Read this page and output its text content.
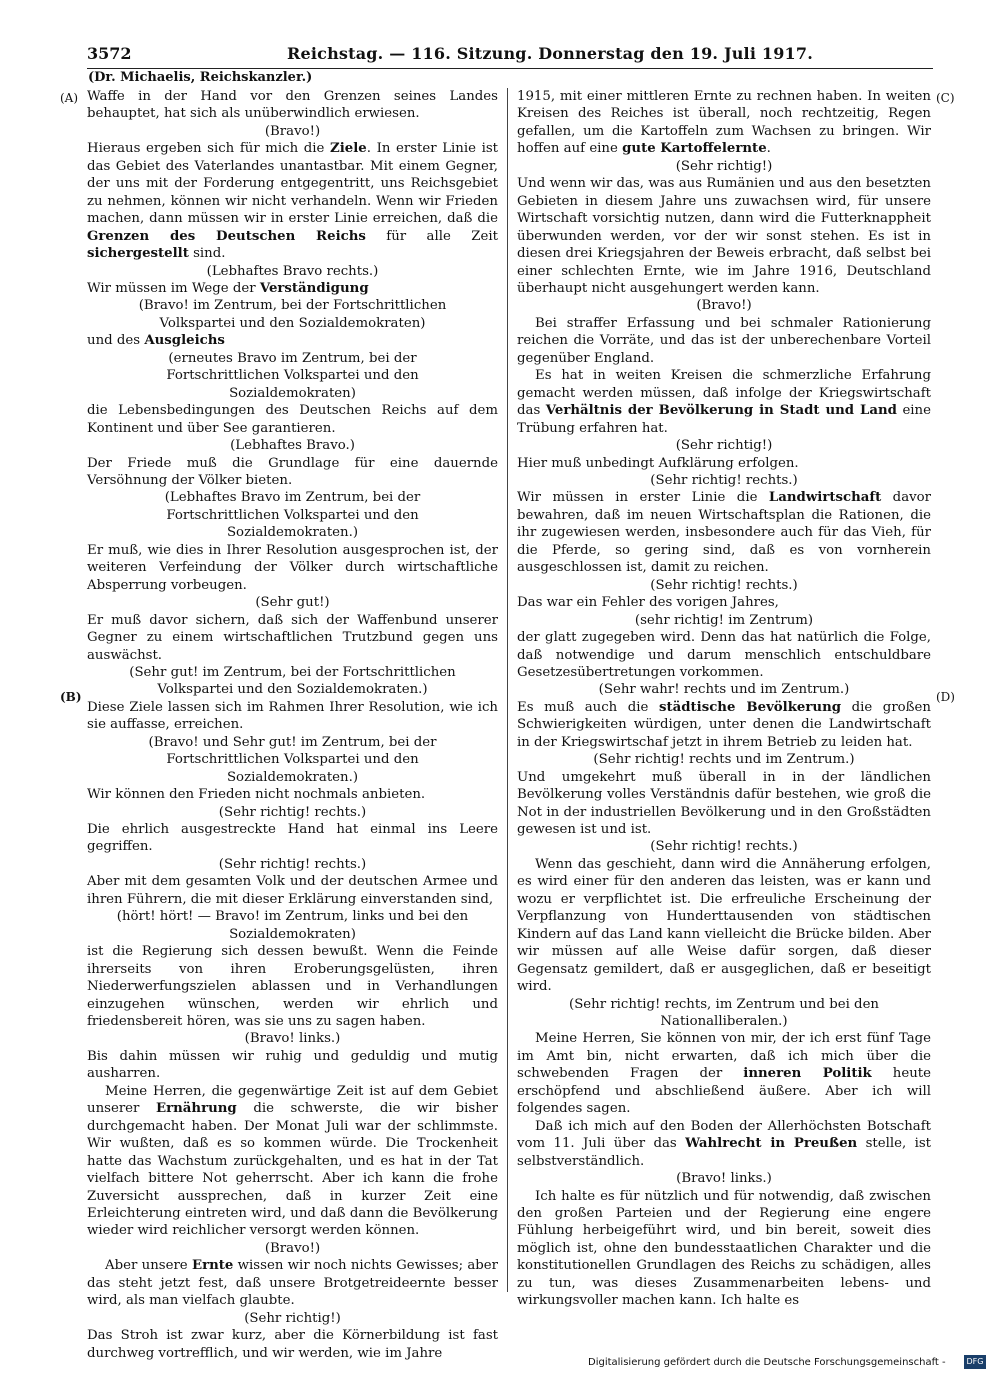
3572	Reichstag. — 116. Sitzung. Donnerstag den 19. Juli 1917.
(Dr. Michaelis, Reichskanzler.)

Waffe in der Hand vor den Grenzen seines Landes behauptet, hat sich als unüberwindlich erwiesen.

(Bravo!)

Hieraus ergeben sich für mich die Ziele. In erster Linie ist das Gebiet des Vaterlandes unantastbar. Mit einem Gegner, der uns mit der Forderung entgegentritt, uns Reichsgebiet zu nehmen, können wir nicht verhandeln. Wenn wir Frieden machen, dann müssen wir in erster Linie erreichen, daß die Grenzen des Deutschen Reichs für alle Zeit sichergestellt sind.

(Lebhaftes Bravo rechts.)

Wir müssen im Wege der Verständigung

(Bravo! im Zentrum, bei der Fortschrittlichen Volkspartei und den Sozialdemokraten)

und des Ausgleichs

(erneutes Bravo im Zentrum, bei der Fortschrittlichen Volkspartei und den Sozialdemokraten)

die Lebensbedingungen des Deutschen Reichs auf dem Kontinent und über See garantieren.

(Lebhaftes Bravo.)

Der Friede muß die Grundlage für eine dauernde Versöhnung der Völker bieten.

(Lebhaftes Bravo im Zentrum, bei der Fortschrittlichen Volkspartei und den Sozialdemokraten.)

Er muß, wie dies in Ihrer Resolution ausgesprochen ist, der weiteren Verfeindung der Völker durch wirtschaftliche Absperrung vorbeugen.

(Sehr gut!)

Er muß davor sichern, daß sich der Waffenbund unserer Gegner zu einem wirtschaftlichen Trutzbund gegen uns auswächst.

(Sehr gut! im Zentrum, bei der Fortschrittlichen Volkspartei und den Sozialdemokraten.)

Diese Ziele lassen sich im Rahmen Ihrer Resolution, wie ich sie auffasse, erreichen.

(Bravo! und Sehr gut! im Zentrum, bei der Fortschrittlichen Volkspartei und den Sozialdemokraten.)

Wir können den Frieden nicht nochmals anbieten.

(Sehr richtig! rechts.)

Die ehrlich ausgestreckte Hand hat einmal ins Leere gegriffen.

(Sehr richtig! rechts.)

Aber mit dem gesamten Volk und der deutschen Armee und ihren Führern, die mit dieser Erklärung einverstanden sind,

(hört! hört! — Bravo! im Zentrum, links und bei den Sozialdemokraten)

ist die Regierung sich dessen bewußt. Wenn die Feinde ihrerseits von ihren Eroberungsgelüsten, ihren Niederwerfungszielen ablassen und in Verhandlungen einzugehen wünschen, werden wir ehrlich und friedensbereit hören, was sie uns zu sagen haben.

(Bravo! links.)

Bis dahin müssen wir ruhig und geduldig und mutig ausharren.

Meine Herren, die gegenwärtige Zeit ist auf dem Gebiet unserer Ernährung die schwerste, die wir bisher durchgemacht haben. Der Monat Juli war der schlimmste. Wir wußten, daß es so kommen würde. Die Trockenheit hatte das Wachstum zurückgehalten, und es hat in der Tat vielfach bittere Not geherrscht. Aber ich kann die frohe Zuversicht aussprechen, daß in kurzer Zeit eine Erleichterung eintreten wird, und daß dann die Bevölkerung wieder wird reichlicher versorgt werden können.

(Bravo!)

Aber unsere Ernte wissen wir noch nichts Gewisses; aber das steht jetzt fest, daß unsere Brotgetreideernte besser wird, als man vielfach glaubte.

(Sehr richtig!)

Das Stroh ist zwar kurz, aber die Körnerbildung ist fast durchweg vortrefflich, und wir werden, wie im Jahre

1915, mit einer mittleren Ernte zu rechnen haben. In weiten Kreisen des Reiches ist überall, noch rechtzeitig, Regen gefallen, um die Kartoffeln zum Wachsen zu bringen. Wir hoffen auf eine gute Kartoffelernte.

(Sehr richtig!)

Und wenn wir das, was aus Rumänien und aus den besetzten Gebieten in diesem Jahre uns zuwachsen wird, für unsere Wirtschaft vorsichtig nutzen, dann wird die Futterknappheit überwunden werden, vor der wir sonst stehen. Es ist in diesen drei Kriegsjahren der Beweis erbracht, daß selbst bei einer schlechten Ernte, wie im Jahre 1916, Deutschland überhaupt nicht ausgehungert werden kann.

(Bravo!)

Bei straffer Erfassung und bei schmaler Rationierung reichen die Vorräte, und das ist der unberechenbare Vorteil gegenüber England.

Es hat in weiten Kreisen die schmerzliche Erfahrung gemacht werden müssen, daß infolge der Kriegswirtschaft das Verhältnis der Bevölkerung in Stadt und Land eine Trübung erfahren hat.

(Sehr richtig!)

Hier muß unbedingt Aufklärung erfolgen.

(Sehr richtig! rechts.)

Wir müssen in erster Linie die Landwirtschaft davor bewahren, daß im neuen Wirtschaftsplan die Rationen, die ihr zugewiesen werden, insbesondere auch für das Vieh, für die Pferde, so gering sind, daß es von vornherein ausgeschlossen ist, damit zu reichen.

(Sehr richtig! rechts.)

Das war ein Fehler des vorigen Jahres,

(sehr richtig! im Zentrum)

der glatt zugegeben wird. Denn das hat natürlich die Folge, daß notwendige und darum menschlich entschuldbare Gesetzesübertretungen vorkommen.

(Sehr wahr! rechts und im Zentrum.)

Es muß auch die städtische Bevölkerung die großen Schwierigkeiten würdigen, unter denen die Landwirtschaft in der Kriegswirtschaf jetzt in ihrem Betrieb zu leiden hat.

(Sehr richtig! rechts und im Zentrum.)

Und umgekehrt muß überall in in der ländlichen Bevölkerung volles Verständnis dafür bestehen, wie groß die Not in der industriellen Bevölkerung und in den Großstädten gewesen ist und ist.

(Sehr richtig! rechts.)

Wenn das geschieht, dann wird die Annäherung erfolgen, es wird einer für den anderen das leisten, was er kann und wozu er verpflichtet ist. Die erfreuliche Erscheinung der Verpflanzung von Hunderttausenden von städtischen Kindern auf das Land kann vielleicht die Brücke bilden. Aber wir müssen auf alle Weise dafür sorgen, daß dieser Gegensatz gemildert, daß er ausgeglichen, daß er beseitigt wird.

(Sehr richtig! rechts, im Zentrum und bei den Nationalliberalen.)

Meine Herren, Sie können von mir, der ich erst fünf Tage im Amt bin, nicht erwarten, daß ich mich über die schwebenden Fragen der inneren Politik heute erschöpfend und abschließend äußere. Aber ich will folgendes sagen.

Daß ich mich auf den Boden der Allerhöchsten Botschaft vom 11. Juli über das Wahlrecht in Preußen stelle, ist selbstverständlich.

(Bravo! links.)

Ich halte es für nützlich und für notwendig, daß zwischen den großen Parteien und der Regierung eine engere Fühlung herbeigeführt wird, und bin bereit, soweit dies möglich ist, ohne den bundesstaatlichen Charakter und die konstitutionellen Grundlagen des Reichs zu schädigen, alles zu tun, was dieses Zusammenarbeiten lebens- und wirkungsvoller machen kann. Ich halte es

(A)
(B)
(C)
(D)
Digitalisierung gefördert durch die Deutsche Forschungsgemeinschaft -	DFG
